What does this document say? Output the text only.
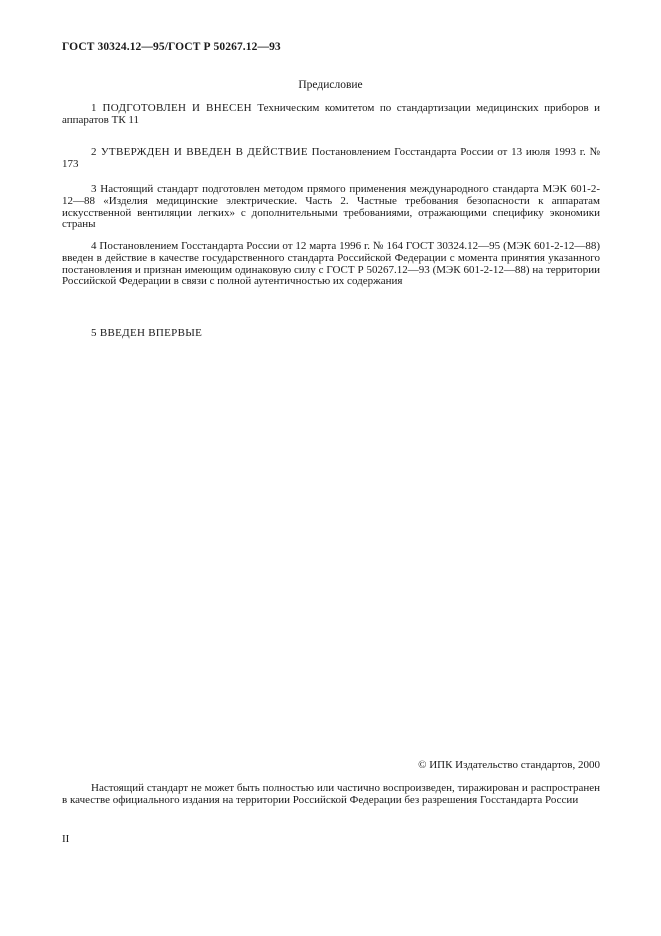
ГОСТ 30324.12—95/ГОСТ Р 50267.12—93
Предисловие
1 ПОДГОТОВЛЕН И ВНЕСЕН Техническим комитетом по стандартизации медицинских приборов и аппаратов ТК 11
2 УТВЕРЖДЕН И ВВЕДЕН В ДЕЙСТВИЕ Постановлением Госстандарта России от 13 июля 1993 г. № 173
3 Настоящий стандарт подготовлен методом прямого применения международного стандарта МЭК 601-2-12—88 «Изделия медицинские электрические. Часть 2. Частные требования безопасности к аппаратам искусственной вентиляции легких» с дополнительными требованиями, отражающими специфику экономики страны
4 Постановлением Госстандарта России от 12 марта 1996 г. № 164 ГОСТ 30324.12—95 (МЭК 601-2-12—88) введен в действие в качестве государственного стандарта Российской Федерации с момента принятия указанного постановления и признан имеющим одинаковую силу с ГОСТ Р 50267.12—93 (МЭК 601-2-12—88) на территории Российской Федерации в связи с полной аутентичностью их содержания
5 ВВЕДЕН ВПЕРВЫЕ
© ИПК Издательство стандартов, 2000
Настоящий стандарт не может быть полностью или частично воспроизведен, тиражирован и распространен в качестве официального издания на территории Российской Федерации без разрешения Госстандарта России
II
